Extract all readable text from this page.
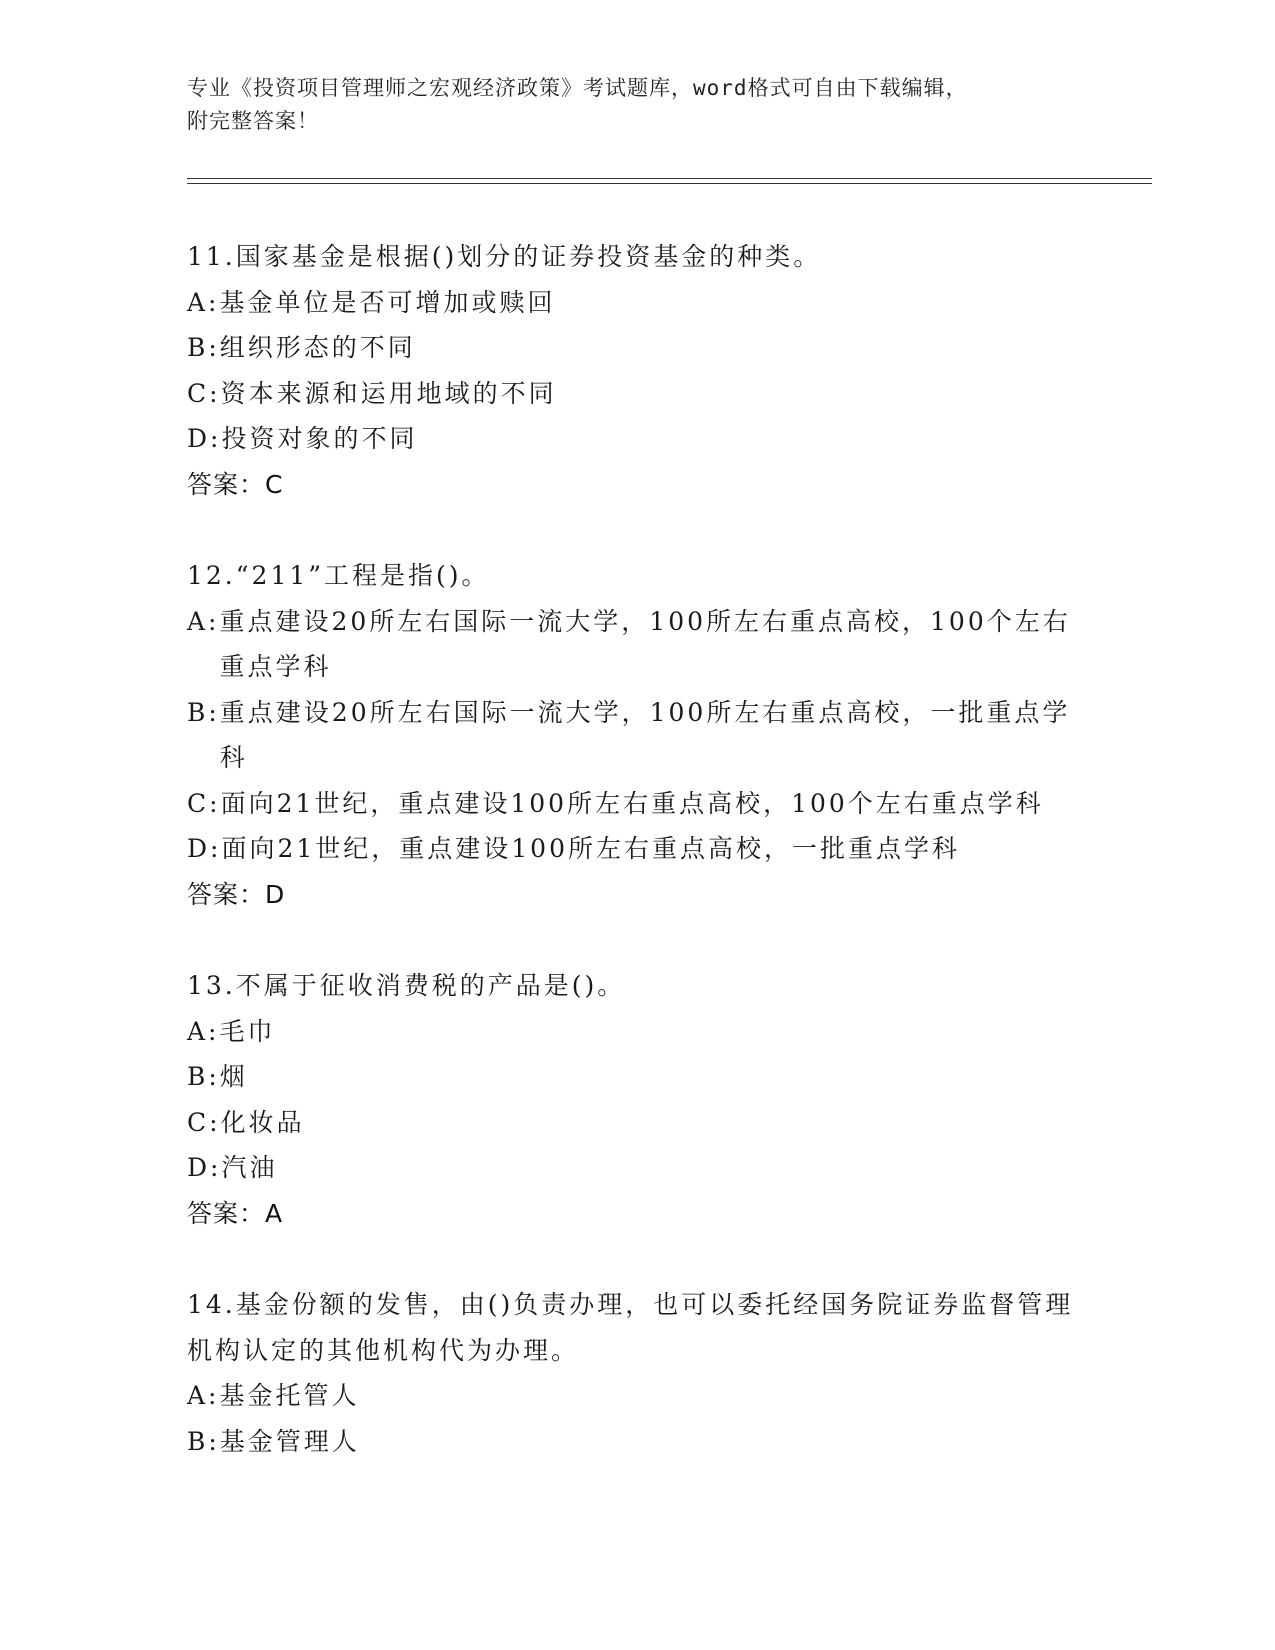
专业《投资项目管理师之宏观经济政策》考试题库，word格式可自由下载编辑，
附完整答案！
11.国家基金是根据()划分的证券投资基金的种类。
A: 基金单位是否可增加或赎回
B: 组织形态的不同
C: 资本来源和运用地域的不同
D: 投资对象的不同
答案：C
12.“211”工程是指()。
A: 重点建设20所左右国际一流大学，100所左右重点高校，100个左右重点学科
B: 重点建设20所左右国际一流大学，100所左右重点高校，一批重点学科
C: 面向21世纪，重点建设100所左右重点高校，100个左右重点学科
D: 面向21世纪，重点建设100所左右重点高校，一批重点学科
答案：D
13.不属于征收消费税的产品是()。
A: 毛巾
B: 烟
C: 化妆品
D: 汽油
答案：A
14.基金份额的发售，由()负责办理，也可以委托经国务院证券监督管理机构认定的其他机构代为办理。
A: 基金托管人
B: 基金管理人
